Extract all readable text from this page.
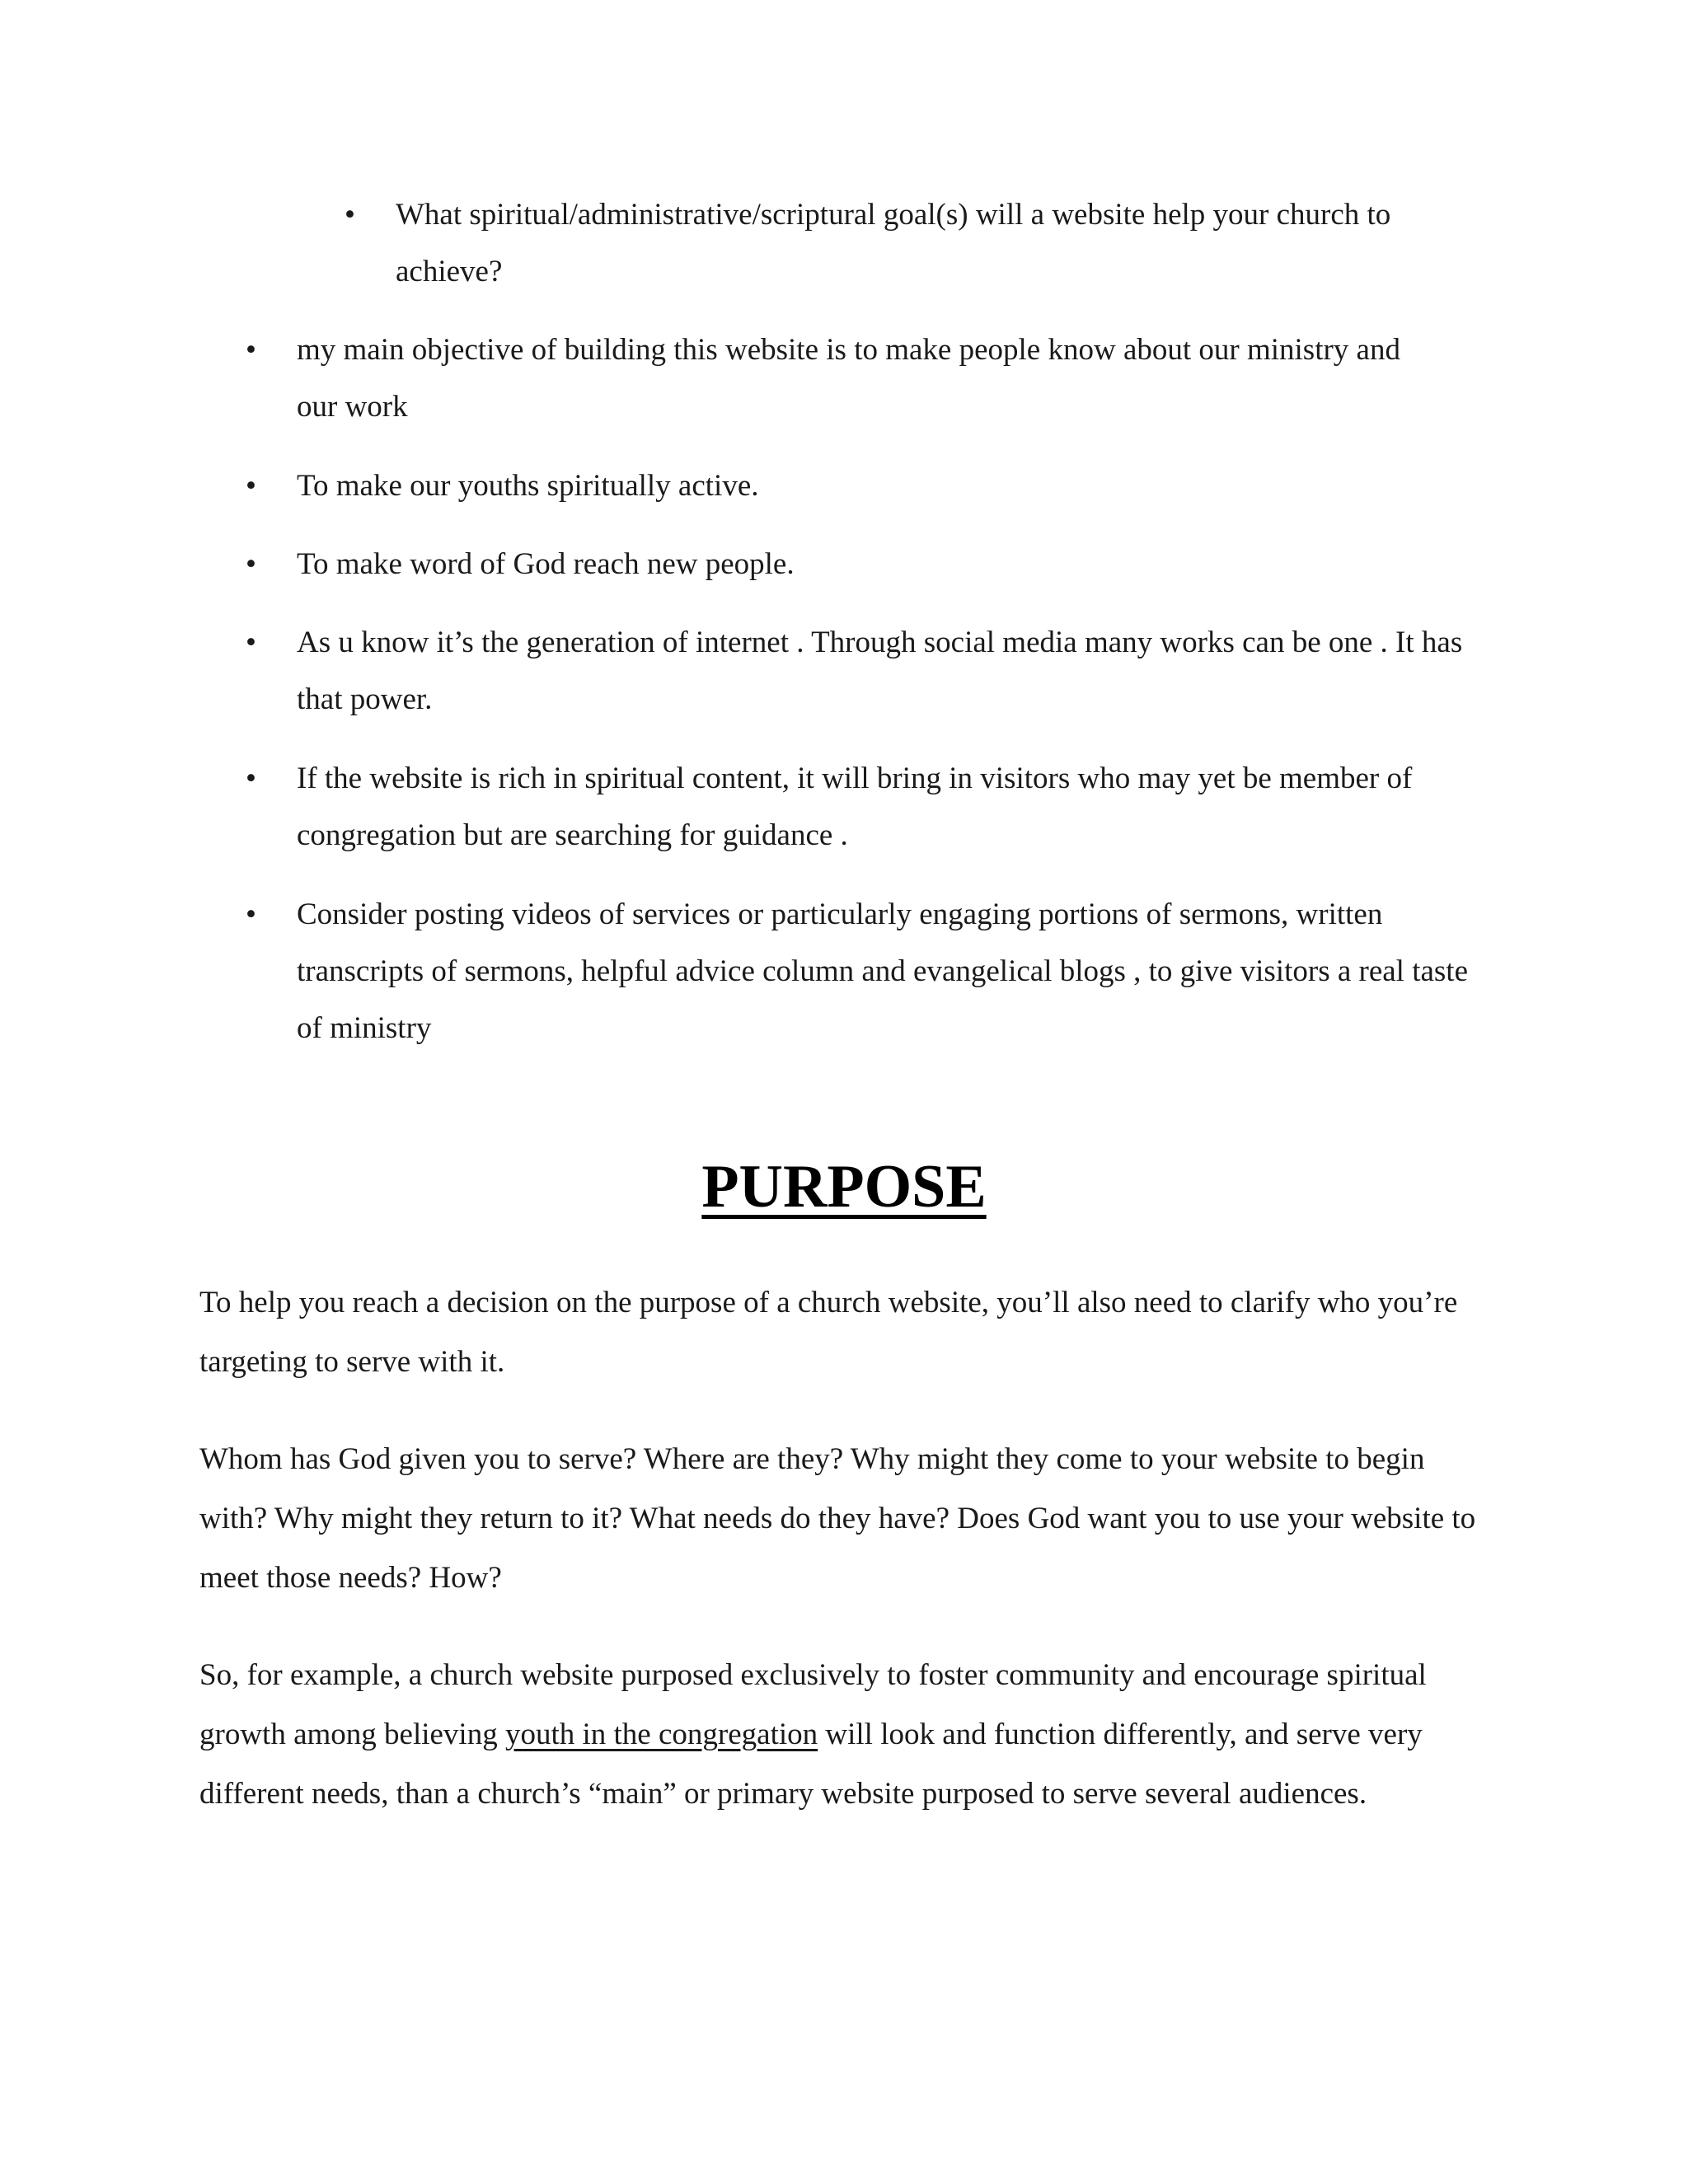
• What spiritual/administrative/scriptural goal(s) will a website help your church to achieve?
• my main objective of building this website is to make people know about our ministry and our work
• To make our youths spiritually active.
• To make word of God reach new people.
• As u know it’s the generation of internet . Through social media many works can be one . It has that power.
• If the website is rich in spiritual content, it will bring in visitors who may yet be member of congregation but are searching for guidance .
• Consider posting videos of services or particularly engaging portions of sermons, written transcripts of sermons, helpful advice column and evangelical blogs , to give visitors a real taste of ministry
PURPOSE

To help you reach a decision on the purpose of a church website, you’ll also need to clarify who you’re targeting to serve with it.

Whom has God given you to serve? Where are they? Why might they come to your website to begin with? Why might they return to it? What needs do they have? Does God want you to use your website to meet those needs? How?

So, for example, a church website purposed exclusively to foster community and encourage spiritual growth among believing youth in the congregation will look and function differently, and serve very different needs, than a church’s “main” or primary website purposed to serve several audiences.
